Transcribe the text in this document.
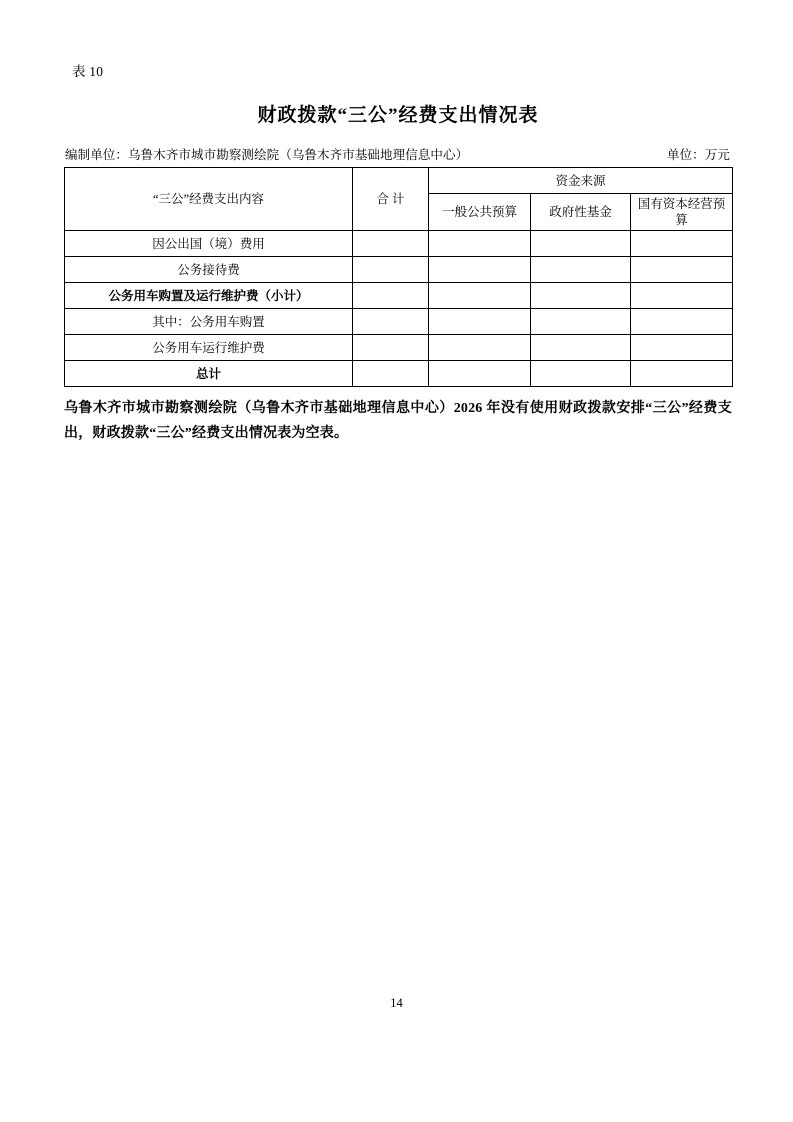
表 10
财政拨款“三公”经费支出情况表
编制单位：乌鲁木齐市城市勘察测绘院（乌鲁木齐市基础地理信息中心）	单位：万元
“三公”经费支出内容	合 计	资金来源		
		一般公共预算	政府性基金	国有资本经营预算
因公出国（境）费用				
公务接待费				
公务用车购置及运行维护费（小计）				
其中：公务用车购置				
公务用车运行维护费				
总计				
乌鲁木齐市城市勘察测绘院（乌鲁木齐市基础地理信息中心）2026 年没有使用财政拨款安排“三公”经费支出，财政拨款“三公”经费支出情况表为空表。
14
